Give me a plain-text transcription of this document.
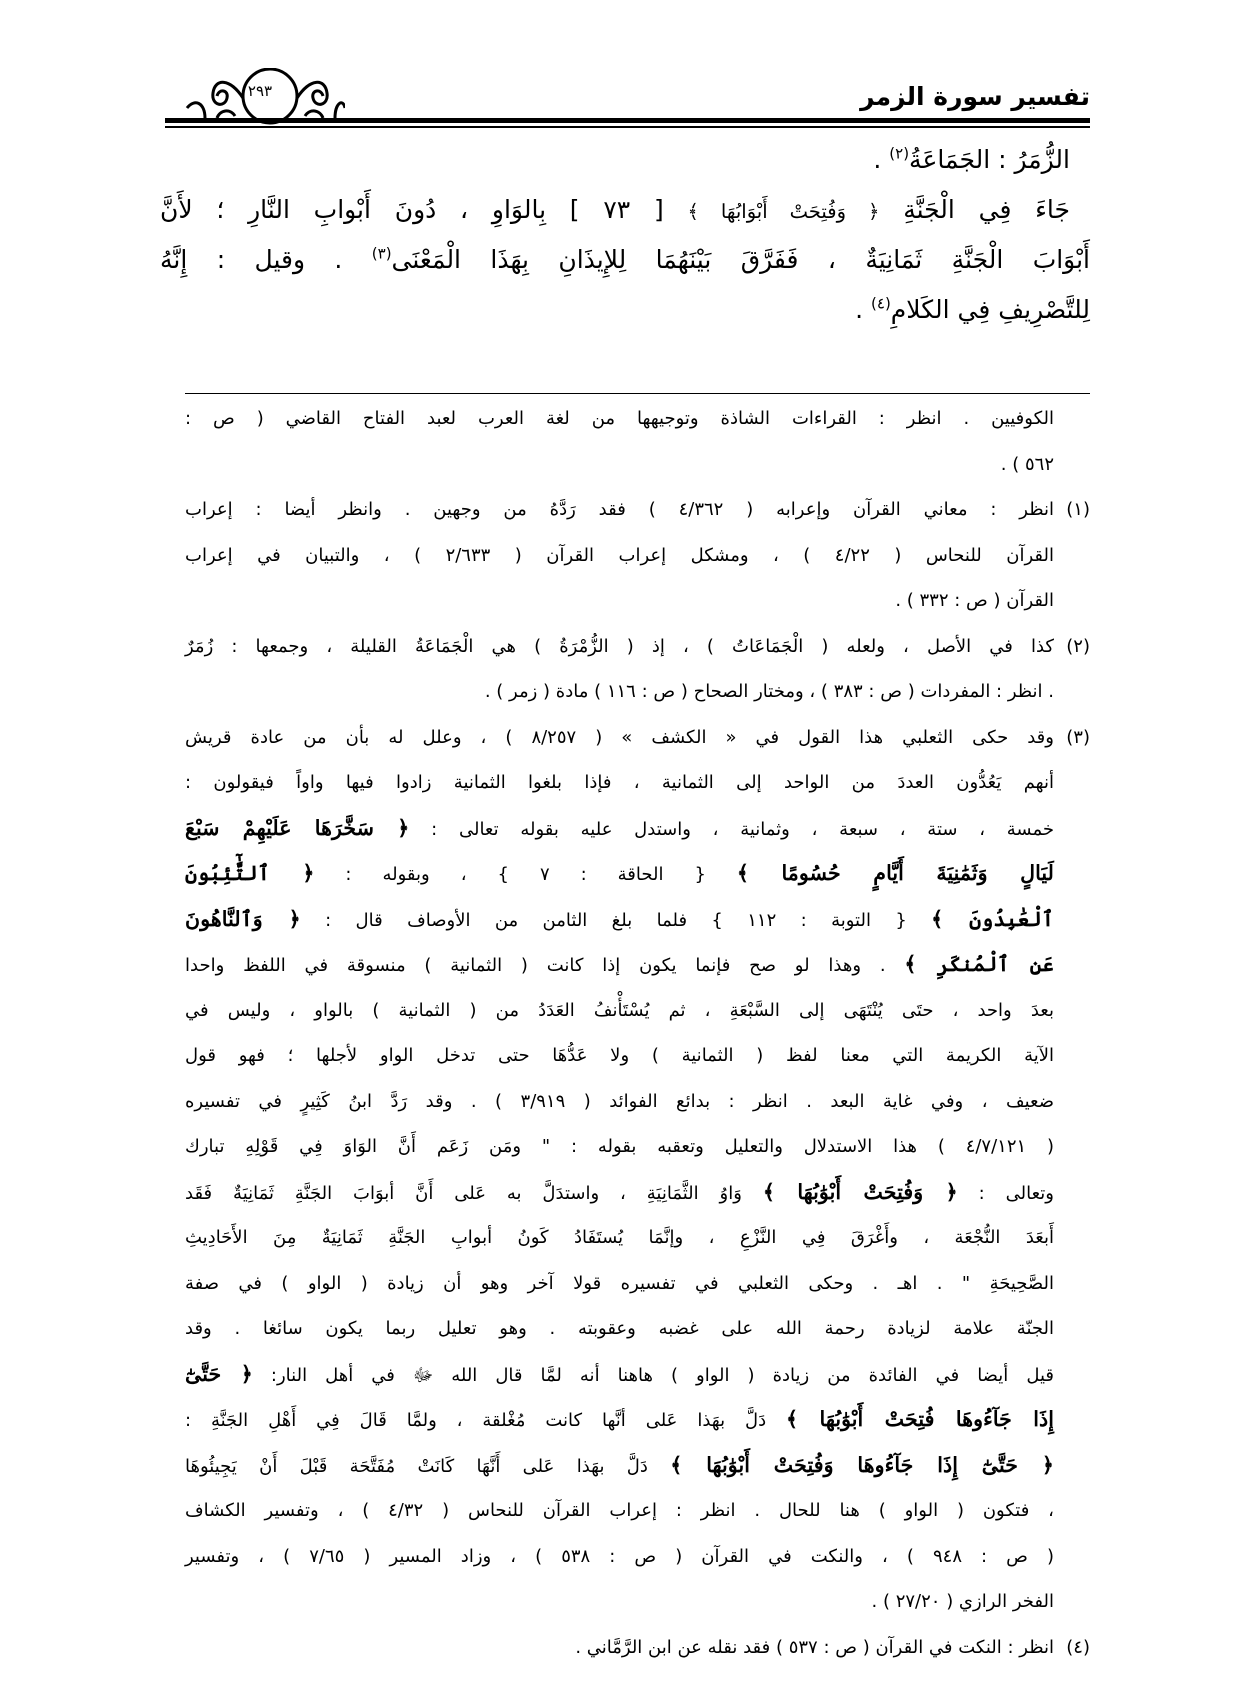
٢٩٣	تفسير سورة الزمر
الزُّمَرُ : الجَمَاعَةُ$^{(٢)}$ .
جَاءَ فِي الْجَنَّةِ ﴿ وَفُتِحَتْ أَبْوَابُهَا ﴾ [ ٧٣ ] بِالوَاوِ ، دُونَ أَبْوابِ النَّارِ ؛ لأَنَّ
أَبْوَابَ الْجَنَّةِ ثَمَانِيَةٌ ، فَفَرَّقَ بَيْنَهُمَا لِلإِيذَانِ بِهَذَا الْمَعْنَى$^{(٣)}$ . وقيل : إِنَّهُ
لِلتَّصْرِيفِ فِي الكَلامِ$^{(٤)}$ .
الكوفيين . انظر : القراءات الشاذة وتوجيهها من لغة العرب لعبد الفتاح القاضي ( ص :
٥٦٢ ) .
(١)
انظر : معاني القرآن وإعرابه ( ٤/٣٦٢ ) فقد رَدَّهُ من وجهين . وانظر أيضا : إعراب
القرآن للنحاس ( ٤/٢٢ ) ، ومشكل إعراب القرآن ( ٢/٦٣٣ ) ، والتبيان في إعراب
القرآن ( ص : ٣٣٢ ) .
(٢)
كذا في الأصل ، ولعله ( الْجَمَاعَاتُ ) ، إذ ( الزُّمْرَةُ ) هي الْجَمَاعَةُ القليلة ، وجمعها : زُمَرٌ
. انظر : المفردات ( ص : ٣٨٣ ) ، ومختار الصحاح ( ص : ١١٦ ) مادة ( زمر ) .
(٣)
وقد حكى الثعلبي هذا القول في « الكشف » ( ٨/٢٥٧ ) ، وعلل له بأن من عادة قريش
أنهم يَعُدُّون العددَ من الواحد إلى الثمانية ، فإذا بلغوا الثمانية زادوا فيها واواً فيقولون :
خمسة ، ستة ، سبعة ، وثمانية ، واستدل عليه بقوله تعالى : ﴿ سَخَّرَهَا عَلَيْهِمْ سَبْعَ
لَيَالٍ وَثَمَٰنِيَةَ أَيَّامٍ حُسُومًا ﴾ { الحاقة : ٧ } ، وبقوله : ﴿ ٱلتَّٰٓئِبُونَ
ٱلْعَٰبِدُونَ ﴾ { التوبة : ١١٢ } فلما بلغ الثامن من الأوصاف قال : ﴿ وَٱلنَّاهُونَ
عَنِ ٱلْمُنكَرِ ﴾ . وهذا لو صح فإنما يكون إذا كانت ( الثمانية ) منسوقة في اللفظ واحدا
بعدَ واحد ، حتَى يُنْتَهَى إلى السَّبْعَةِ ، ثم يُسْتَأْنفُ العَدَدُ من ( الثمانية ) بالواو ، وليس في
الآية الكريمة التي معنا لفظ ( الثمانية ) ولا عَدُّهَا حتى تدخل الواو لأجلها ؛ فهو قول
ضعيف ، وفي غاية البعد . انظر : بدائع الفوائد ( ٣/٩١٩ ) . وقد رَدَّ ابنُ كَثِيرٍ في تفسيره
( ٤/٧/١٢١ ) هذا الاستدلال والتعليل وتعقبه بقوله : " ومَن زَعَم أَنَّ الوَاوَ فِي قَوْلِهِ تبارك
وتعالى : ﴿ وَفُتِحَتْ أَبْوَٰبُهَا ﴾ وَاوُ الثَّمَانِيَةِ ، واستدَلَّ به عَلى أَنَّ أبوَابَ الجَنَّةِ ثَمَانِيَةٌ فَقَد
أَبعَدَ النُّجْعَة ، وأَغْرَقَ فِي النَّزْعِ ، وإنَّمَا يُستَفَادُ كَونُ أبوابِ الجَنَّةِ ثَمَانِيَةٌ مِنَ الأَحَادِيثِ
الصَّحِيحَةِ " . اهـ . وحكى الثعلبي في تفسيره قولا آخر وهو أن زيادة ( الواو ) في صفة
الجنّة علامة لزيادة رحمة الله على غضبه وعقوبته . وهو تعليل ربما يكون سائغا . وقد
قيل أيضا في الفائدة من زيادة ( الواو ) هاهنا أنه لمَّا قال الله ﷻ في أهل النار: ﴿ حَتَّىٰٓ
إِذَا جَآءُوهَا فُتِحَتْ أَبْوَٰبُهَا ﴾ دَلَّ بهَذا عَلى أنَّها كانت مُغْلقة ، ولمَّا قَالَ فِي أَهْلِ الجَنَّةِ :
﴿ حَتَّىٰٓ إِذَا جَآءُوهَا وَفُتِحَتْ أَبْوَٰبُهَا ﴾ دَلَّ بهَذا عَلى أَنَّهَا كَانَتْ مُفَتَّحَة قَبْلَ أَنْ يَجِيئُوهَا
، فتكون ( الواو ) هنا للحال . انظر : إعراب القرآن للنحاس ( ٤/٣٢ ) ، وتفسير الكشاف
( ص : ٩٤٨ ) ، والنكت في القرآن ( ص : ٥٣٨ ) ، وزاد المسير ( ٧/٦٥ ) ، وتفسير
الفخر الرازي ( ٢٧/٢٠ ) .
(٤)
انظر : النكت في القرآن ( ص : ٥٣٧ ) فقد نقله عن ابن الرَّمَّاني .
